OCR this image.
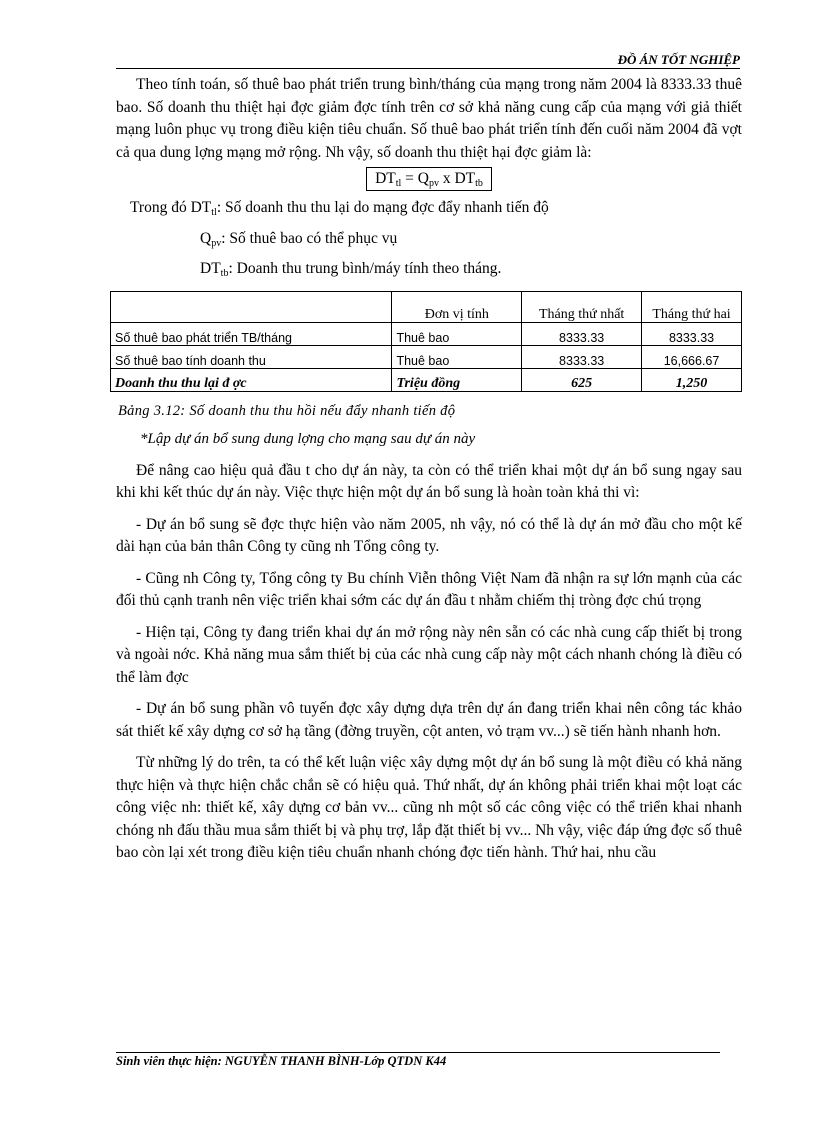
ĐỒ ÁN TỐT NGHIỆP

Theo tính toán, số thuê bao phát triển trung bình/tháng của mạng trong năm 2004 là 8333.33 thuê bao. Số doanh thu thiệt hại đợc giảm đợc tính trên cơ sở khả năng cung cấp của mạng với giả thiết mạng luôn phục vụ trong điều kiện tiêu chuẩn. Số thuê bao phát triển tính đến cuối năm 2004 đã vợt cả qua dung lợng mạng mở rộng. Nh vậy, số doanh thu thiệt hại đợc giảm là:

$DT_{tl} = Q_{pv}$ x $DT_{tb}$

Trong đó $DT_{tl}$: Số doanh thu thu lại do mạng đợc đẩy nhanh tiến độ

$Q_{pv}$: Số thuê bao có thể phục vụ

$DT_{tb}$: Doanh thu trung bình/máy tính theo tháng.

	Đơn vị tính	Tháng thứ nhất	Tháng thứ hai
Số thuê bao phát triển TB/tháng	Thuê bao	8333.33	8333.33
Số thuê bao tính doanh thu	Thuê bao	8333.33	16,666.67
Doanh thu thu lại đ ợc	Triệu đồng	625	1,250

Bảng 3.12: Số doanh thu thu hồi nếu đẩy nhanh tiến độ

*Lập dự án bổ sung dung lợng cho mạng sau dự án này

Để nâng cao hiệu quả đầu t cho dự án này, ta còn có thể triển khai một dự án bổ sung ngay sau khi khi kết thúc dự án này. Việc thực hiện một dự án bổ sung là hoàn toàn khả thi vì:

- Dự án bổ sung sẽ đợc thực hiện vào năm 2005, nh vậy, nó có thể là dự án mở đầu cho một kế dài hạn của bản thân Công ty cũng nh Tổng công ty.

- Cũng nh Công ty, Tổng công ty Bu chính Viễn thông Việt Nam đã nhận ra sự lớn mạnh của các đối thủ cạnh tranh nên việc triển khai sớm các dự án đầu t nhằm chiếm thị tròng đợc chú trọng

- Hiện tại, Công ty đang triển khai dự án mở rộng này nên sẵn có các nhà cung cấp thiết bị trong và ngoài nớc. Khả năng mua sắm thiết bị của các nhà cung cấp này một cách nhanh chóng là điều có thể làm đợc

- Dự án bổ sung phần vô tuyến đợc xây dựng dựa trên dự án đang triển khai nên công tác khảo sát thiết kế xây dựng cơ sở hạ tầng (đờng truyền, cột anten, vỏ trạm vv...) sẽ tiến hành nhanh hơn.

Từ những lý do trên, ta có thể kết luận việc xây dựng một dự án bổ sung là một điều có khả năng thực hiện và thực hiện chắc chắn sẽ có hiệu quả. Thứ nhất, dự án không phải triển khai một loạt các công việc nh: thiết kế, xây dựng cơ bản vv... cũng nh một số các công việc có thể triển khai nhanh chóng nh đấu thầu mua sắm thiết bị và phụ trợ, lắp đặt thiết bị vv... Nh vậy, việc đáp ứng đợc số thuê bao còn lại xét trong điều kiện tiêu chuẩn nhanh chóng đợc tiến hành. Thứ hai, nhu cầu

Sinh viên thực hiện: NGUYỄN THANH BÌNH-Lớp QTDN K44
